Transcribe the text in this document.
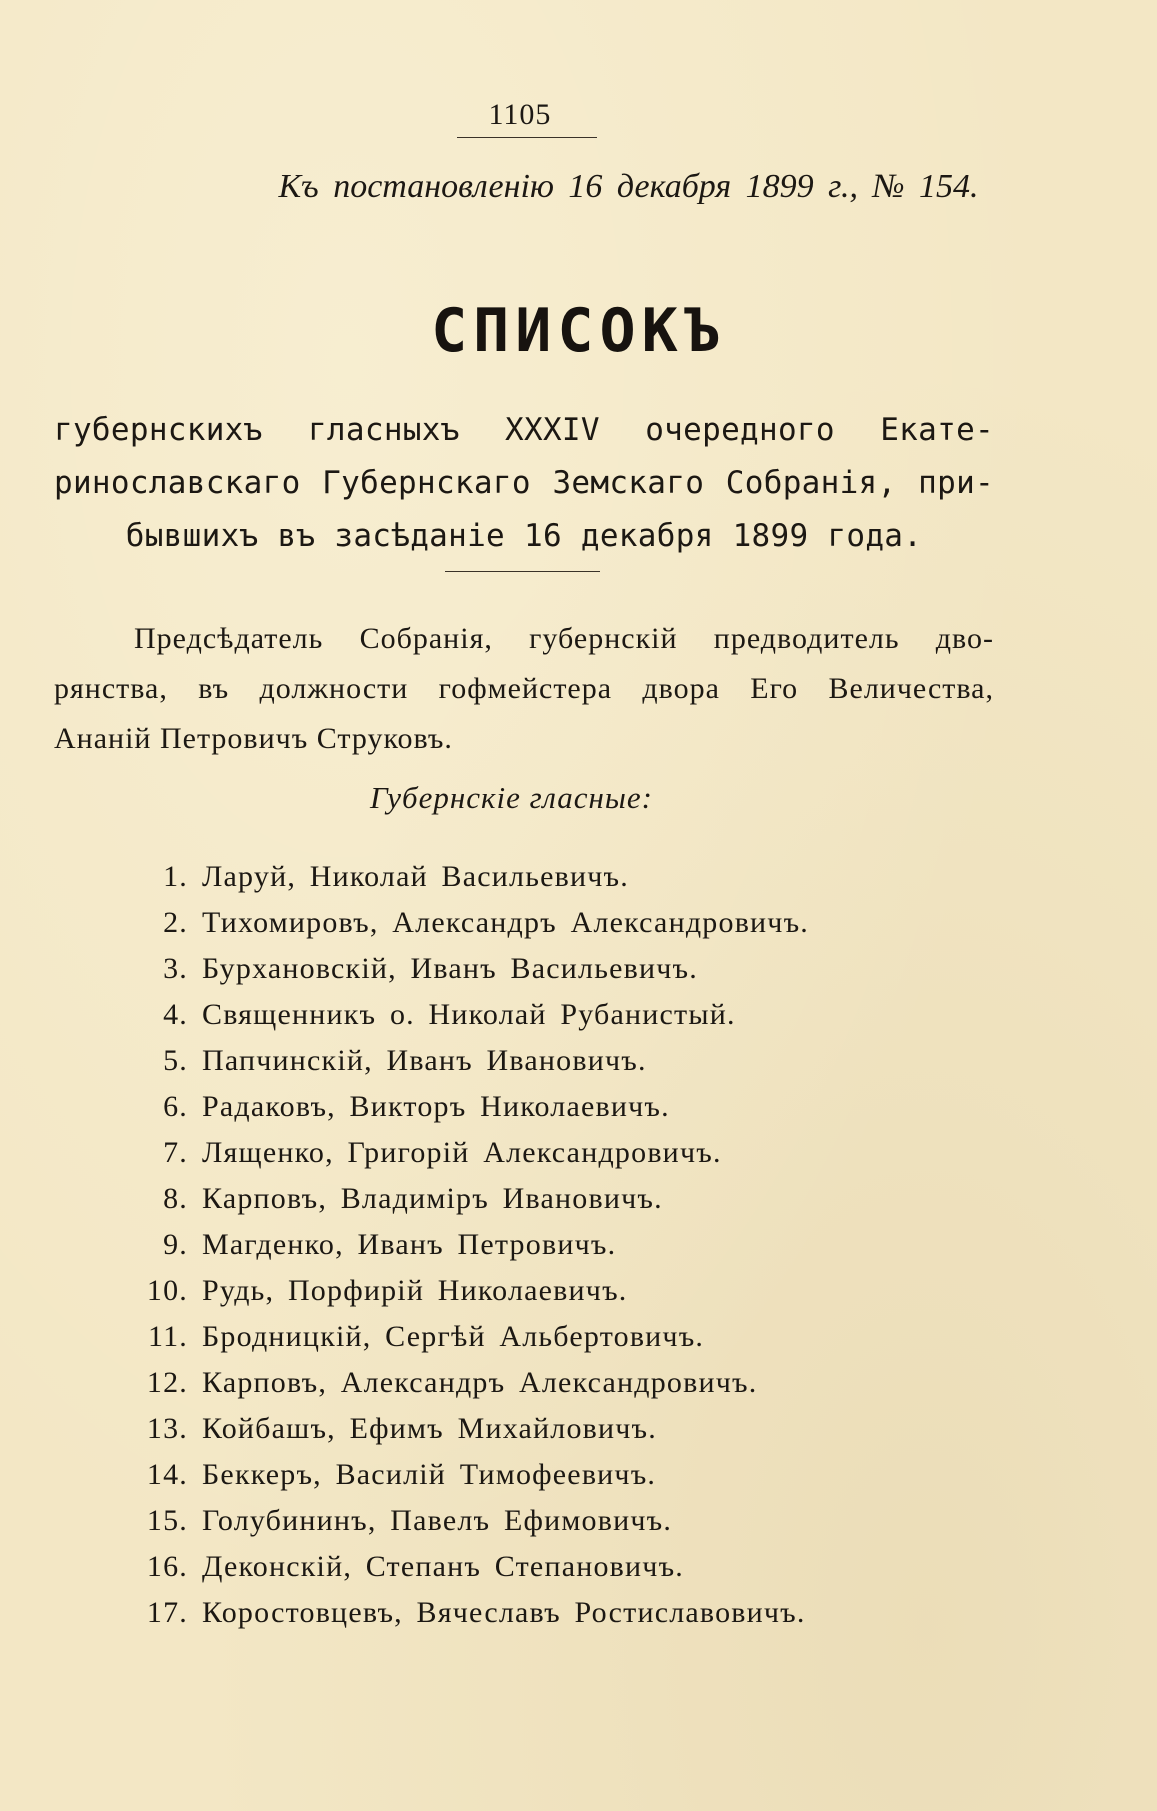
1105
Къ постановленію 16 декабря 1899 г., № 154.
СПИСОКЪ
губернскихъ гласныхъ XXXIV очередного Екате-
ринославскаго Губернскаго Земскаго Собранія, при-
бывшихъ въ засѣданіе 16 декабря 1899 года.
Предсѣдатель Собранія, губернскій предводитель дво-
рянства, въ должности гофмейстера двора Его Величества,
Ананій Петровичъ Струковъ.
Губернскіе гласные:
1. Ларуй, Николай Васильевичъ.
2. Тихомировъ, Александръ Александровичъ.
3. Бурхановскій, Иванъ Васильевичъ.
4. Священникъ о. Николай Рубанистый.
5. Папчинскій, Иванъ Ивановичъ.
6. Радаковъ, Викторъ Николаевичъ.
7. Лященко, Григорій Александровичъ.
8. Карповъ, Владиміръ Ивановичъ.
9. Магденко, Иванъ Петровичъ.
10. Рудь, Порфирій Николаевичъ.
11. Бродницкій, Сергѣй Альбертовичъ.
12. Карповъ, Александръ Александровичъ.
13. Койбашъ, Ефимъ Михайловичъ.
14. Беккеръ, Василій Тимофеевичъ.
15. Голубининъ, Павелъ Ефимовичъ.
16. Деконскій, Степанъ Степановичъ.
17. Коростовцевъ, Вячеславъ Ростиславовичъ.
